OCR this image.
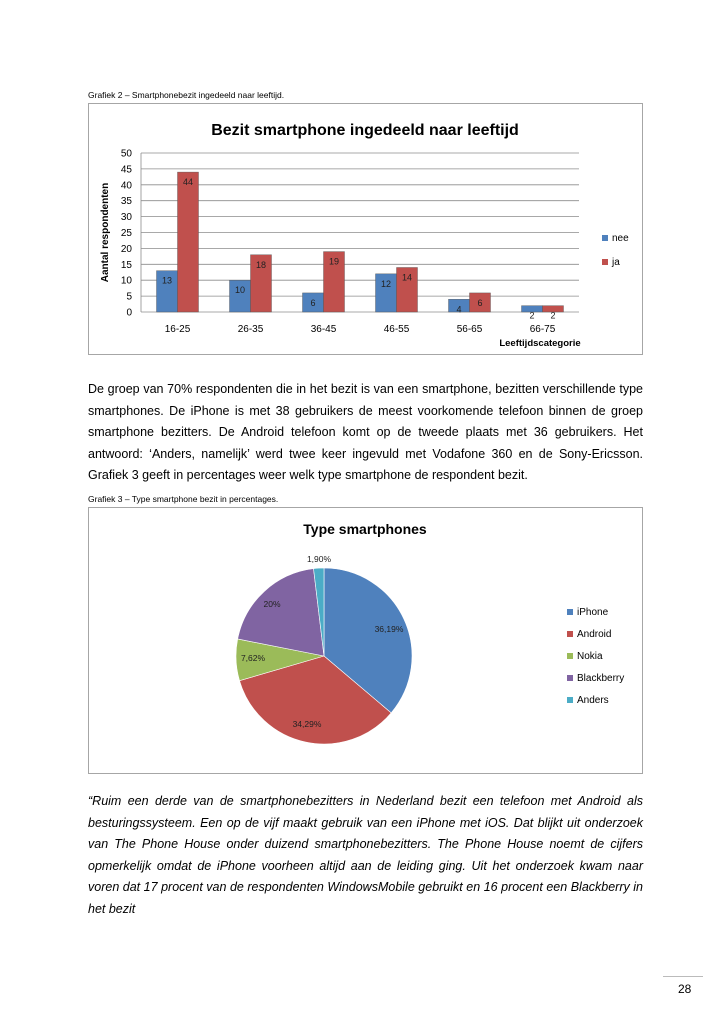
Grafiek 2 – Smartphonebezit ingedeeld naar leeftijd.
Bezit smartphone ingedeeld naar leeftijd
0
5
10
15
20
25
30
35
40
45
50
Aantal respondenten
16-25
13
44
26-35
10
18
36-45
6
19
46-55
12
14
56-65
4
6
66-75
2 2
Leeftijdscategorie
nee
ja
De groep van 70% respondenten die in het bezit is van een smartphone, bezitten verschillende type smartphones. De iPhone is met 38 gebruikers de meest voorkomende telefoon binnen de groep smartphone bezitters. De Android telefoon komt op de tweede plaats met 36 gebruikers. Het antwoord: ‘Anders, namelijk’ werd twee keer ingevuld met Vodafone 360 en de Sony-Ericsson. Grafiek 3 geeft in percentages weer welk type smartphone de respondent bezit.
Grafiek 3 – Type smartphone bezit in percentages.
Type smartphones
36,19%
34,29%
7,62%
20%
1,90%
iPhone
Android
Nokia
Blackberry
Anders
“Ruim een derde van de smartphonebezitters in Nederland bezit een telefoon met Android als besturingssysteem. Een op de vijf maakt gebruik van een iPhone met iOS. Dat blijkt uit onderzoek van The Phone House onder duizend smartphonebezitters. The Phone House noemt de cijfers opmerkelijk omdat de iPhone voorheen altijd aan de leiding ging. Uit het onderzoek kwam naar voren dat 17 procent van de respondenten WindowsMobile gebruikt en 16 procent een Blackberry in het bezit
28
